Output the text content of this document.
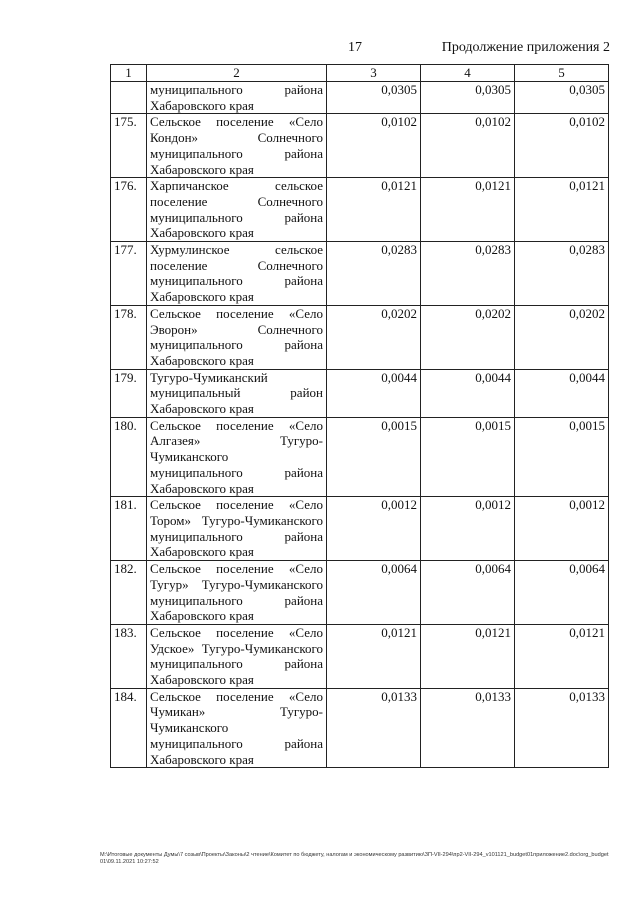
17	Продолжение приложения 2
1	2	3	4	5
	муниципального района Хабаровского края	0,0305	0,0305	0,0305
175.	Сельское поселение «Село Кондон» Солнечного муниципального района Хабаровского края	0,0102	0,0102	0,0102
176.	Харпичанское сельское поселение Солнечного муниципального района Хабаровского края	0,0121	0,0121	0,0121
177.	Хурмулинское сельское поселение Солнечного муниципального района Хабаровского края	0,0283	0,0283	0,0283
178.	Сельское поселение «Село Эворон» Солнечного муниципального района Хабаровского края	0,0202	0,0202	0,0202
179.	Тугуро-Чумиканский муниципальный район Хабаровского края	0,0044	0,0044	0,0044
180.	Сельское поселение «Село Алгазея» Тугуро-Чумиканского муниципального района Хабаровского края	0,0015	0,0015	0,0015
181.	Сельское поселение «Село Тором» Тугуро-Чумиканского муниципального района Хабаровского края	0,0012	0,0012	0,0012
182.	Сельское поселение «Село Тугур» Тугуро-Чумиканского муниципального района Хабаровского края	0,0064	0,0064	0,0064
183.	Сельское поселение «Село Удское» Тугуро-Чумиканского муниципального района Хабаровского края	0,0121	0,0121	0,0121
184.	Сельское поселение «Село Чумикан» Тугуро-Чумиканского муниципального района Хабаровского края	0,0133	0,0133	0,0133
M:\Итоговые документы Думы\7 созыв\Проекты\Законы\2 чтение\Комитет по бюджету, налогам и экономическому развитию\ЗП-VII-294\пр2-VII-294_v101121_budget01приложение2.doc\org_budget01\09.11.2021 10:27:52
